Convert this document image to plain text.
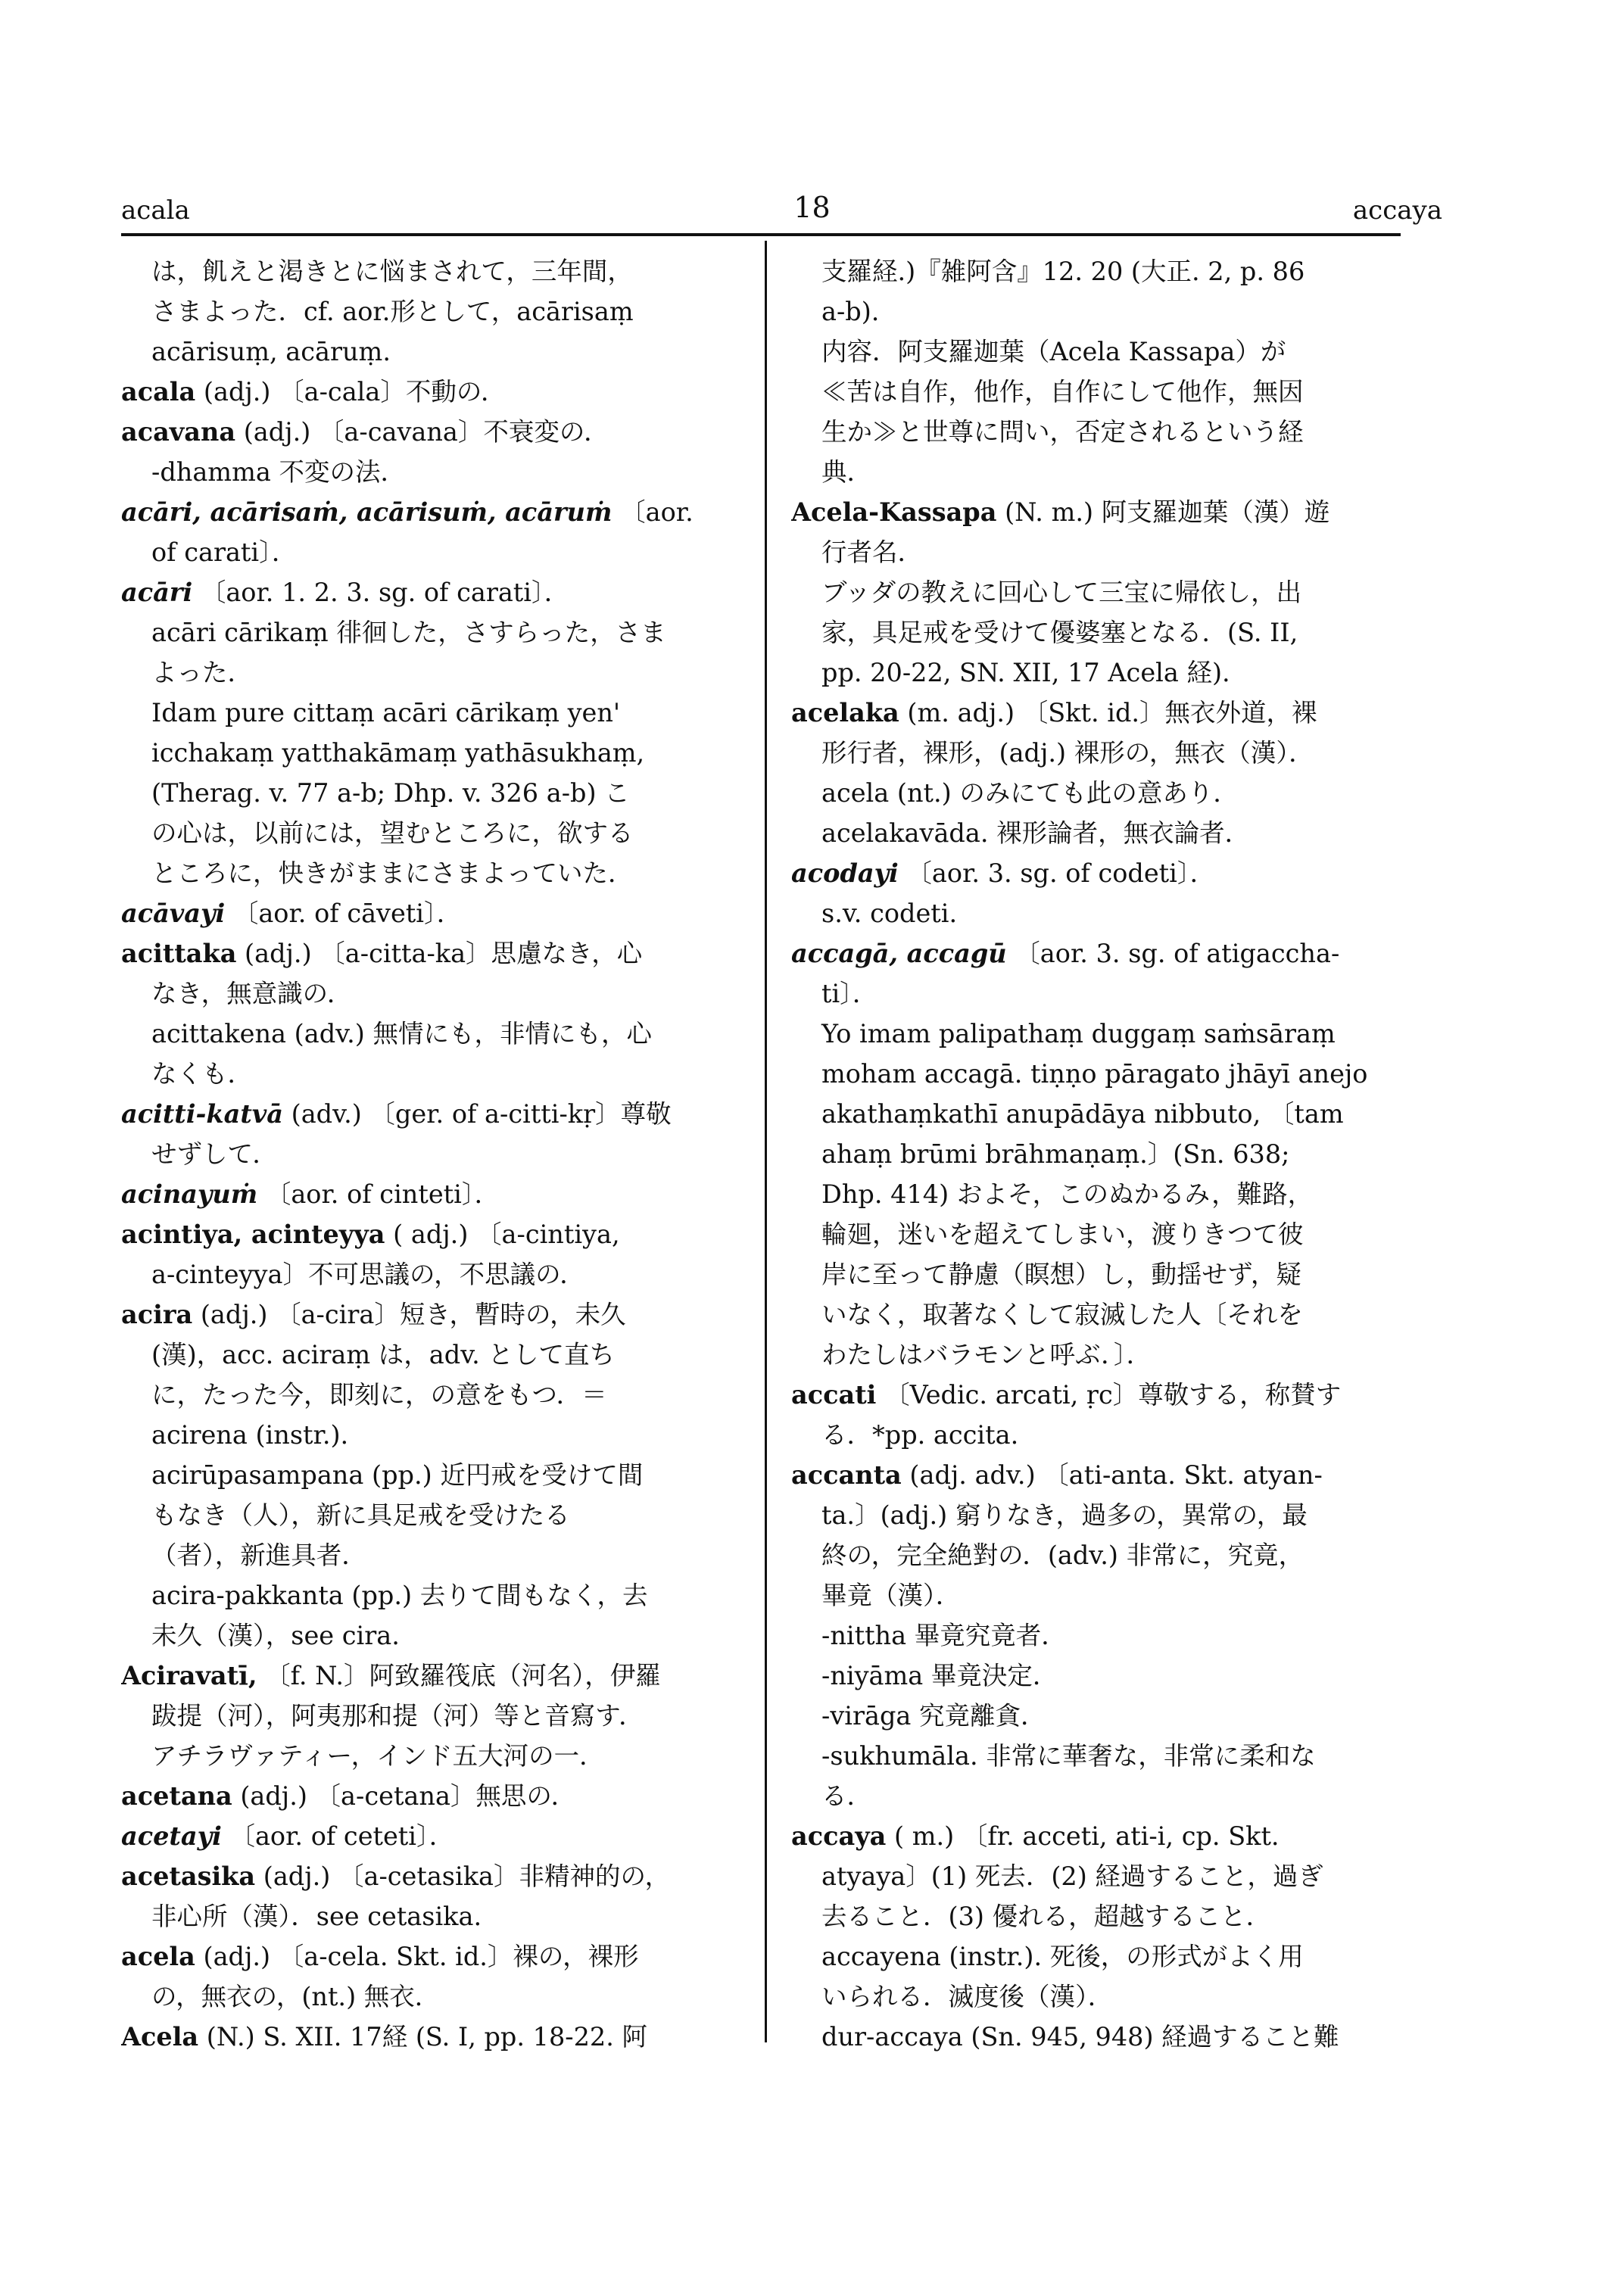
acala	18	accaya
は，飢えと渇きとに悩まされて，三年間，
さまよった．cf. aor.形として，acārisaṃ
acārisuṃ, acāruṃ.
acala (adj.) 〔a-cala〕不動の．
acavana (adj.) 〔a-cavana〕不衰変の．
-dhamma 不変の法．
acāri, acārisaṁ, acārisuṁ, acāruṁ 〔aor.
of carati〕．
acāri 〔aor. 1. 2. 3. sg. of carati〕．
acāri cārikaṃ 徘徊した，さすらった，さま
よった．
Idam pure cittaṃ acāri cārikaṃ yen'
icchakaṃ yatthakāmaṃ yathāsukhaṃ,
(Therag. v. 77 a-b; Dhp. v. 326 a-b) こ
の心は，以前には，望むところに，欲する
ところに，快きがままにさまよっていた．
acāvayi 〔aor. of cāveti〕．
acittaka (adj.) 〔a-citta-ka〕思慮なき，心
なき，無意識の．
acittakena (adv.) 無情にも，非情にも，心
なくも．
acitti-katvā (adv.) 〔ger. of a-citti-kṛ〕尊敬
せずして．
acinayuṁ 〔aor. of cinteti〕．
acintiya, acinteyya ( adj.) 〔a-cintiya,
a-cinteyya〕不可思議の，不思議の．
acira (adj.) 〔a-cira〕短き，暫時の，未久
(漢)，acc. aciraṃ は，adv. として直ち
に，たった今，即刻に，の意をもつ．＝
acirena (instr.).
acirūpasampana (pp.) 近円戒を受けて間
もなき（人），新に具足戒を受けたる
（者），新進具者．
acira-pakkanta (pp.) 去りて間もなく，去
未久（漢），see cira.
Aciravatī, 〔f. N.〕阿致羅筏底（河名），伊羅
跋提（河），阿夷那和提（河）等と音寫す．
アチラヴァティー，インド五大河の一．
acetana (adj.) 〔a-cetana〕無思の．
acetayi 〔aor. of ceteti〕．
acetasika (adj.) 〔a-cetasika〕非精神的の，
非心所（漢）．see cetasika.
acela (adj.) 〔a-cela. Skt. id.〕裸の，裸形
の，無衣の，(nt.) 無衣．
Acela (N.) S. XII. 17経 (S. I, pp. 18-22. 阿
支羅経.)『雑阿含』12. 20 (大正. 2, p. 86
a-b).
内容．阿支羅迦葉（Acela Kassapa）が
≪苦は自作，他作，自作にして他作，無因
生か≫と世尊に問い，否定されるという経
典．
Acela-Kassapa (N. m.) 阿支羅迦葉（漢）遊
行者名．
ブッダの教えに回心して三宝に帰依し，出
家，具足戒を受けて優婆塞となる．(S. II,
pp. 20-22, SN. XII, 17 Acela 経).
acelaka (m. adj.) 〔Skt. id.〕無衣外道，裸
形行者，裸形，(adj.) 裸形の，無衣（漢）．
acela (nt.) のみにても此の意あり．
acelakavāda. 裸形論者，無衣論者．
acodayi 〔aor. 3. sg. of codeti〕．
s.v. codeti.
accagā, accagū 〔aor. 3. sg. of atigaccha-
ti〕．
Yo imam palipathaṃ duggaṃ saṁsāraṃ
moham accagā. tiṇṇo pāragato jhāyī anejo
akathaṃkathī anupādāya nibbuto, 〔tam
ahaṃ brūmi brāhmaṇaṃ.〕(Sn. 638;
Dhp. 414) およそ，このぬかるみ，難路，
輪廻，迷いを超えてしまい，渡りきつて彼
岸に至って静慮（瞑想）し，動揺せず，疑
いなく，取著なくして寂滅した人〔それを
わたしはバラモンと呼ぶ．〕．
accati 〔Vedic. arcati, ṛc〕尊敬する，称賛す
る．*pp. accita.
accanta (adj. adv.) 〔ati-anta. Skt. atyan-
ta.〕(adj.) 窮りなき，過多の，異常の，最
終の，完全絶對の．(adv.) 非常に，究竟，
畢竟（漢）．
-nittha 畢竟究竟者．
-niyāma 畢竟決定．
-virāga 究竟離貪．
-sukhumāla. 非常に華奢な，非常に柔和な
る．
accaya ( m.) 〔fr. acceti, ati-i, cp. Skt.
atyaya〕(1) 死去．(2) 経過すること，過ぎ
去ること．(3) 優れる，超越すること．
accayena (instr.). 死後，の形式がよく用
いられる．滅度後（漢）．
dur-accaya (Sn. 945, 948) 経過すること難
